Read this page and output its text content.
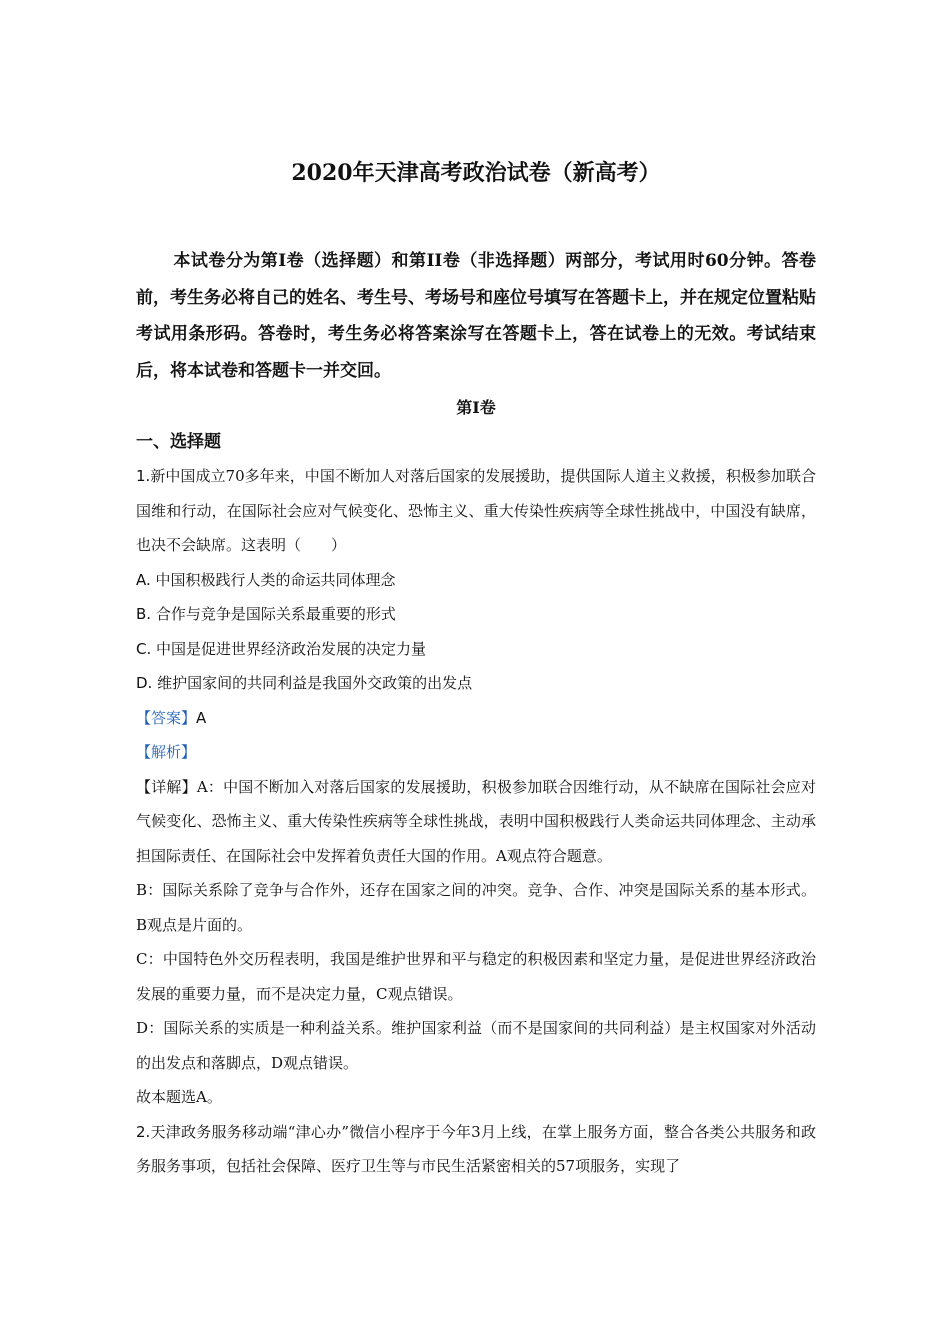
2020年天津高考政治试卷（新高考）
本试卷分为第Ⅰ卷（选择题）和第II卷（非选择题）两部分，考试用时60分钟。答卷前，考生务必将自己的姓名、考生号、考场号和座位号填写在答题卡上，并在规定位置粘贴考试用条形码。答卷时，考生务必将答案涂写在答题卡上，答在试卷上的无效。考试结束后，将本试卷和答题卡一并交回。
第Ⅰ卷
一、选择题

1.新中国成立70多年来，中国不断加人对落后国家的发展援助，提供国际人道主义救援，积极参加联合国维和行动，在国际社会应对气候变化、恐怖主义、重大传染性疾病等全球性挑战中，中国没有缺席，也决不会缺席。这表明（　　）

A. 中国积极践行人类的命运共同体理念

B. 合作与竞争是国际关系最重要的形式

C. 中国是促进世界经济政治发展的决定力量

D. 维护国家间的共同利益是我国外交政策的出发点

【答案】A

【解析】

【详解】A：中国不断加入对落后国家的发展援助，积极参加联合因维行动，从不缺席在国际社会应对气候变化、恐怖主义、重大传染性疾病等全球性挑战，表明中国积极践行人类命运共同体理念、主动承担国际责任、在国际社会中发挥着负责任大国的作用。A观点符合题意。

B：国际关系除了竞争与合作外，还存在国家之间的冲突。竞争、合作、冲突是国际关系的基本形式。B观点是片面的。

C：中国特色外交历程表明，我国是维护世界和平与稳定的积极因素和坚定力量，是促进世界经济政治发展的重要力量，而不是决定力量，C观点错误。

D：国际关系的实质是一种利益关系。维护国家利益（而不是国家间的共同利益）是主权国家对外活动的出发点和落脚点，D观点错误。

故本题选A。

2.天津政务服务移动端“津心办”微信小程序于今年3月上线，在掌上服务方面，整合各类公共服务和政务服务事项，包括社会保障、医疗卫生等与市民生活紧密相关的57项服务，实现了
